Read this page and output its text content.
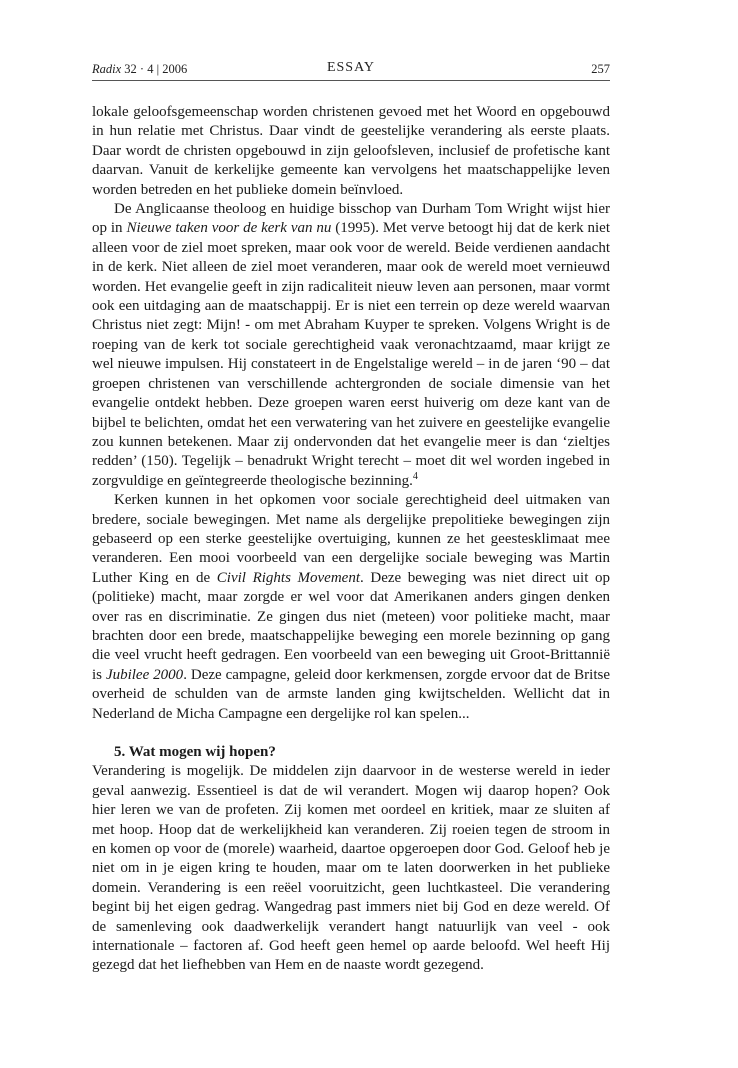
Radix 32 · 4 | 2006	ESSAY	257

lokale geloofsgemeenschap worden christenen gevoed met het Woord en opgebouwd in hun relatie met Christus. Daar vindt de geestelijke verandering als eerste plaats. Daar wordt de christen opgebouwd in zijn geloofsleven, inclusief de profetische kant daarvan. Vanuit de kerkelijke gemeente kan vervolgens het maatschappelijke leven worden betreden en het publieke domein beïnvloed.

De Anglicaanse theoloog en huidige bisschop van Durham Tom Wright wijst hier op in Nieuwe taken voor de kerk van nu (1995). Met verve betoogt hij dat de kerk niet alleen voor de ziel moet spreken, maar ook voor de wereld. Beide verdienen aandacht in de kerk. Niet alleen de ziel moet veranderen, maar ook de wereld moet vernieuwd worden. Het evangelie geeft in zijn radicaliteit nieuw leven aan personen, maar vormt ook een uitdaging aan de maatschappij. Er is niet een terrein op deze wereld waarvan Christus niet zegt: Mijn! - om met Abraham Kuyper te spreken. Volgens Wright is de roeping van de kerk tot sociale gerechtigheid vaak veronachtzaamd, maar krijgt ze wel nieuwe impulsen. Hij constateert in de Engelstalige wereld – in de jaren ‘90 – dat groepen christenen van verschillende achtergronden de sociale dimensie van het evangelie ontdekt hebben. Deze groepen waren eerst huiverig om deze kant van de bijbel te belichten, omdat het een verwatering van het zuivere en geestelijke evangelie zou kunnen betekenen. Maar zij ondervonden dat het evangelie meer is dan ‘zieltjes redden’ (150). Tegelijk – benadrukt Wright terecht – moet dit wel worden ingebed in zorgvuldige en geïntegreerde theologische bezinning.$^4$

Kerken kunnen in het opkomen voor sociale gerechtigheid deel uitmaken van bredere, sociale bewegingen. Met name als dergelijke prepolitieke bewegingen zijn gebaseerd op een sterke geestelijke overtuiging, kunnen ze het geestesklimaat mee veranderen. Een mooi voorbeeld van een dergelijke sociale beweging was Martin Luther King en de Civil Rights Movement. Deze beweging was niet direct uit op (politieke) macht, maar zorgde er wel voor dat Amerikanen anders gingen denken over ras en discriminatie. Ze gingen dus niet (meteen) voor politieke macht, maar brachten door een brede, maatschappelijke beweging een morele bezinning op gang die veel vrucht heeft gedragen. Een voorbeeld van een beweging uit Groot-Brittannië is Jubilee 2000. Deze campagne, geleid door kerkmensen, zorgde ervoor dat de Britse overheid de schulden van de armste landen ging kwijtschelden. Wellicht dat in Nederland de Micha Campagne een dergelijke rol kan spelen...

5. Wat mogen wij hopen?

Verandering is mogelijk. De middelen zijn daarvoor in de westerse wereld in ieder geval aanwezig. Essentieel is dat de wil verandert. Mogen wij daarop hopen? Ook hier leren we van de profeten. Zij komen met oordeel en kritiek, maar ze sluiten af met hoop. Hoop dat de werkelijkheid kan veranderen. Zij roeien tegen de stroom in en komen op voor de (morele) waarheid, daartoe opgeroepen door God. Geloof heb je niet om in je eigen kring te houden, maar om te laten doorwerken in het publieke domein. Verandering is een reëel vooruitzicht, geen luchtkasteel. Die verandering begint bij het eigen gedrag. Wangedrag past immers niet bij God en deze wereld. Of de samenleving ook daadwerkelijk verandert hangt natuurlijk van veel - ook internationale – factoren af. God heeft geen hemel op aarde beloofd. Wel heeft Hij gezegd dat het liefhebben van Hem en de naaste wordt gezegend.
